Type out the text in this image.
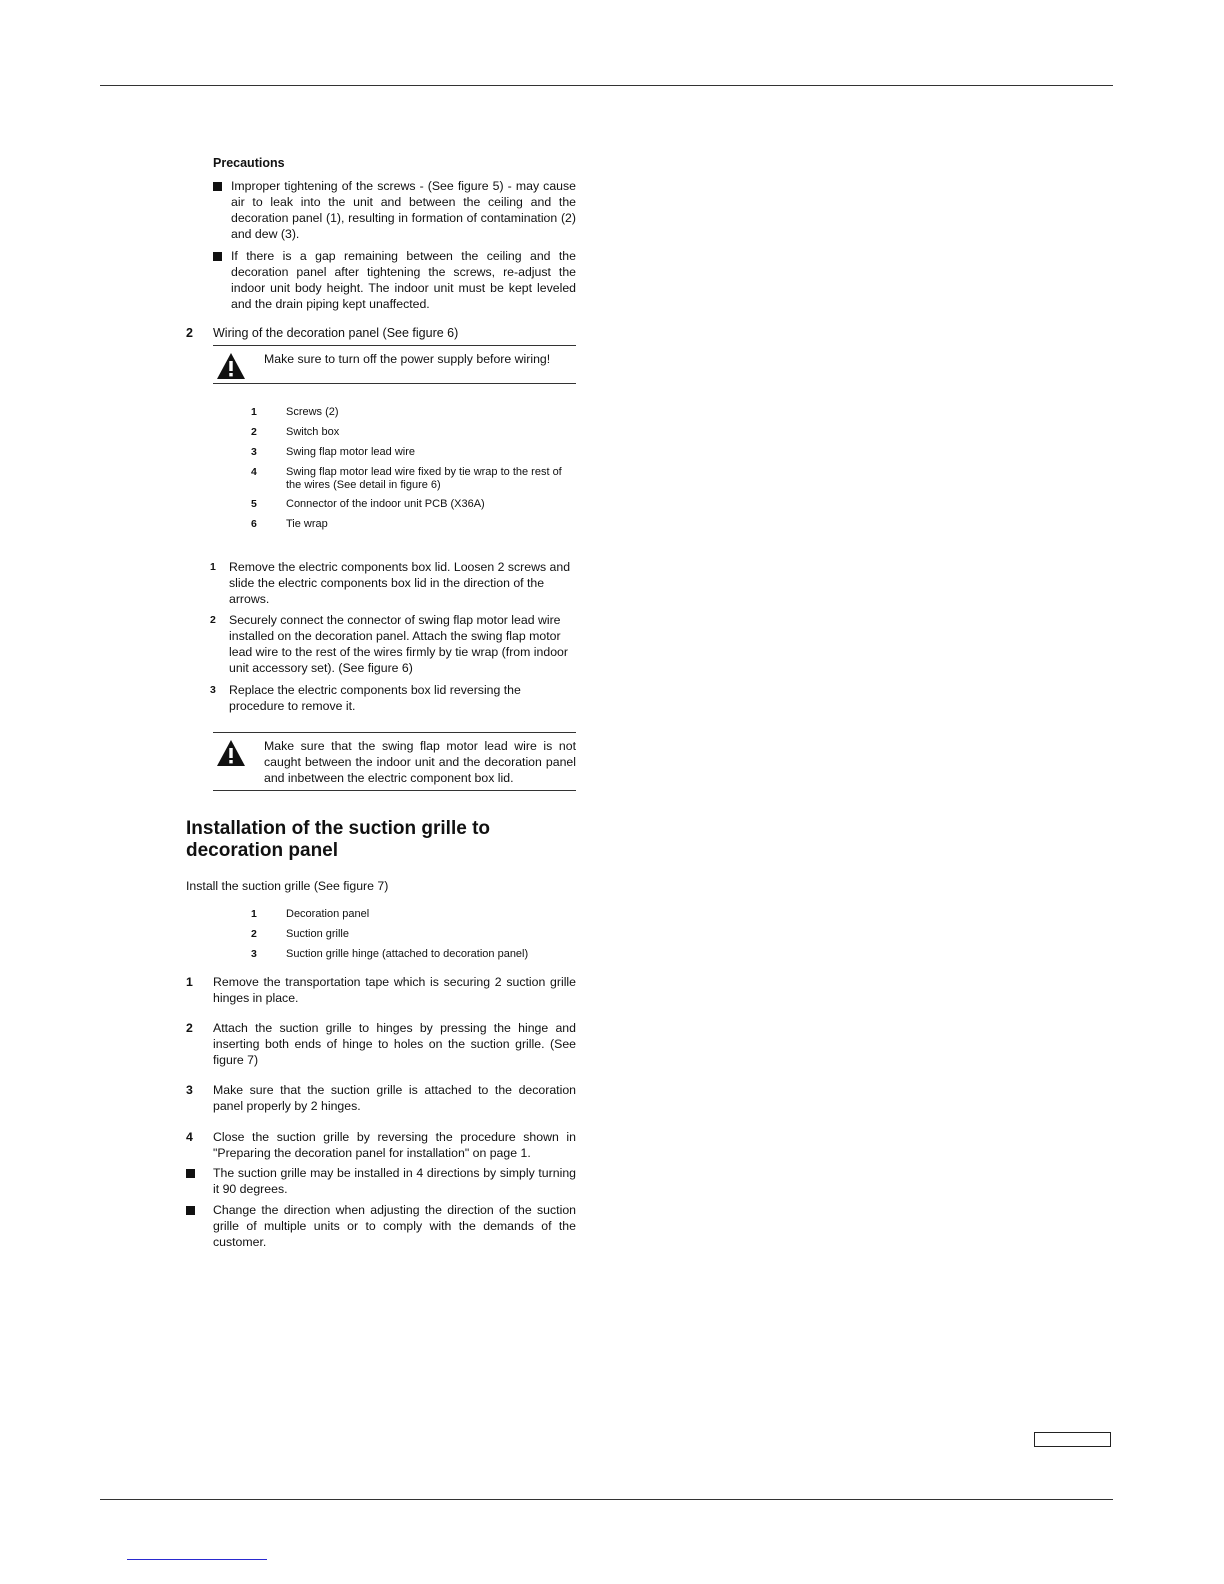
Precautions
Improper tightening of the screws - (See figure 5) - may cause air to leak into the unit and between the ceiling and the decoration panel (1), resulting in formation of contamination (2) and dew (3).
If there is a gap remaining between the ceiling and the decoration panel after tightening the screws, re-adjust the indoor unit body height. The indoor unit must be kept leveled and the drain piping kept unaffected.
2 Wiring of the decoration panel (See figure 6)
Make sure to turn off the power supply before wiring!
1	Screws (2)
2	Switch box
3	Swing flap motor lead wire
4	Swing flap motor lead wire fixed by tie wrap to the rest of the wires (See detail in figure 6)
5	Connector of the indoor unit PCB (X36A)
6	Tie wrap
1 Remove the electric components box lid. Loosen 2 screws and slide the electric components box lid in the direction of the arrows.
2 Securely connect the connector of swing flap motor lead wire installed on the decoration panel. Attach the swing flap motor lead wire to the rest of the wires firmly by tie wrap (from indoor unit accessory set). (See figure 6)
3 Replace the electric components box lid reversing the procedure to remove it.
Make sure that the swing flap motor lead wire is not caught between the indoor unit and the decoration panel and inbetween the electric component box lid.
Installation of the suction grille to decoration panel
Install the suction grille (See figure 7)
1	Decoration panel
2	Suction grille
3	Suction grille hinge (attached to decoration panel)
1 Remove the transportation tape which is securing 2 suction grille hinges in place.
2 Attach the suction grille to hinges by pressing the hinge and inserting both ends of hinge to holes on the suction grille. (See figure 7)
3 Make sure that the suction grille is attached to the decoration panel properly by 2 hinges.
4 Close the suction grille by reversing the procedure shown in "Preparing the decoration panel for installation" on page 1.
The suction grille may be installed in 4 directions by simply turning it 90 degrees.
Change the direction when adjusting the direction of the suction grille of multiple units or to comply with the demands of the customer.
